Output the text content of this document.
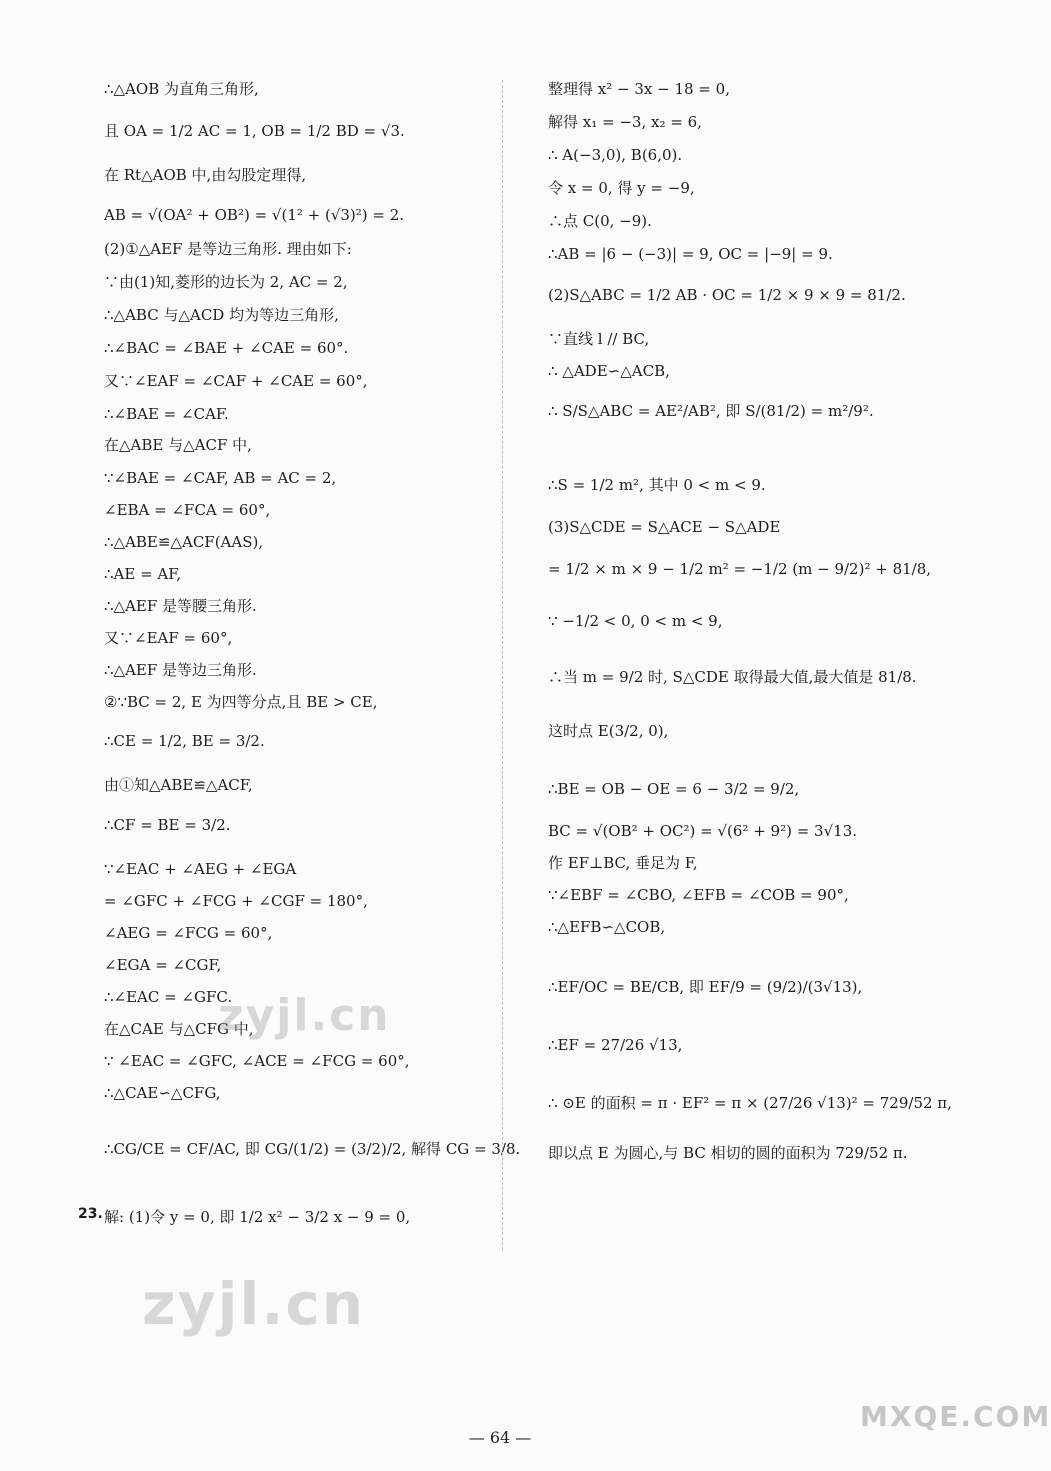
∴△AOB 为直角三角形,
且 OA = 1/2 AC = 1, OB = 1/2 BD = √3.
在 Rt△AOB 中,由勾股定理得,
AB = √(OA² + OB²) = √(1² + (√3)²) = 2.
(2)①△AEF 是等边三角形. 理由如下:
∵由(1)知,菱形的边长为 2, AC = 2,
∴△ABC 与△ACD 均为等边三角形,
∴∠BAC = ∠BAE + ∠CAE = 60°.
又∵∠EAF = ∠CAF + ∠CAE = 60°,
∴∠BAE = ∠CAF.
在△ABE 与△ACF 中,
∵∠BAE = ∠CAF, AB = AC = 2,
∠EBA = ∠FCA = 60°,
∴△ABE≌△ACF(AAS),
∴AE = AF,
∴△AEF 是等腰三角形.
又∵∠EAF = 60°,
∴△AEF 是等边三角形.
②∵BC = 2, E 为四等分点,且 BE > CE,
∴CE = 1/2, BE = 3/2.
由①知△ABE≌△ACF,
∴CF = BE = 3/2.
∵∠EAC + ∠AEG + ∠EGA
= ∠GFC + ∠FCG + ∠CGF = 180°,
∠AEG = ∠FCG = 60°,
∠EGA = ∠CGF,
∴∠EAC = ∠GFC.
在△CAE 与△CFG 中,
∵ ∠EAC = ∠GFC, ∠ACE = ∠FCG = 60°,
∴△CAE∽△CFG,
∴CG/CE = CF/AC, 即 CG/(1/2) = (3/2)/2, 解得 CG = 3/8.
解: (1)令 y = 0, 即 1/2 x² − 3/2 x − 9 = 0,
23.
整理得 x² − 3x − 18 = 0,
解得 x₁ = −3, x₂ = 6,
∴ A(−3,0), B(6,0).
令 x = 0, 得 y = −9,
∴点 C(0, −9).
∴AB = |6 − (−3)| = 9, OC = |−9| = 9.
(2)S△ABC = 1/2 AB · OC = 1/2 × 9 × 9 = 81/2.
∵直线 l // BC,
∴ △ADE∽△ACB,
∴ S/S△ABC = AE²/AB², 即 S/(81/2) = m²/9².
∴S = 1/2 m², 其中 0 < m < 9.
(3)S△CDE = S△ACE − S△ADE
= 1/2 × m × 9 − 1/2 m² = −1/2 (m − 9/2)² + 81/8,
∵ −1/2 < 0, 0 < m < 9,
∴当 m = 9/2 时, S△CDE 取得最大值,最大值是 81/8.
这时点 E(3/2, 0),
∴BE = OB − OE = 6 − 3/2 = 9/2,
BC = √(OB² + OC²) = √(6² + 9²) = 3√13.
作 EF⊥BC, 垂足为 F,
∵∠EBF = ∠CBO, ∠EFB = ∠COB = 90°,
∴△EFB∽△COB,
∴EF/OC = BE/CB, 即 EF/9 = (9/2)/(3√13),
∴EF = 27/26 √13,
∴ ⊙E 的面积 = π · EF² = π × (27/26 √13)² = 729/52 π,
即以点 E 为圆心,与 BC 相切的圆的面积为 729/52 π.
— 64 —
zyjl.cn
zyjl.cn
MXQE.COM
